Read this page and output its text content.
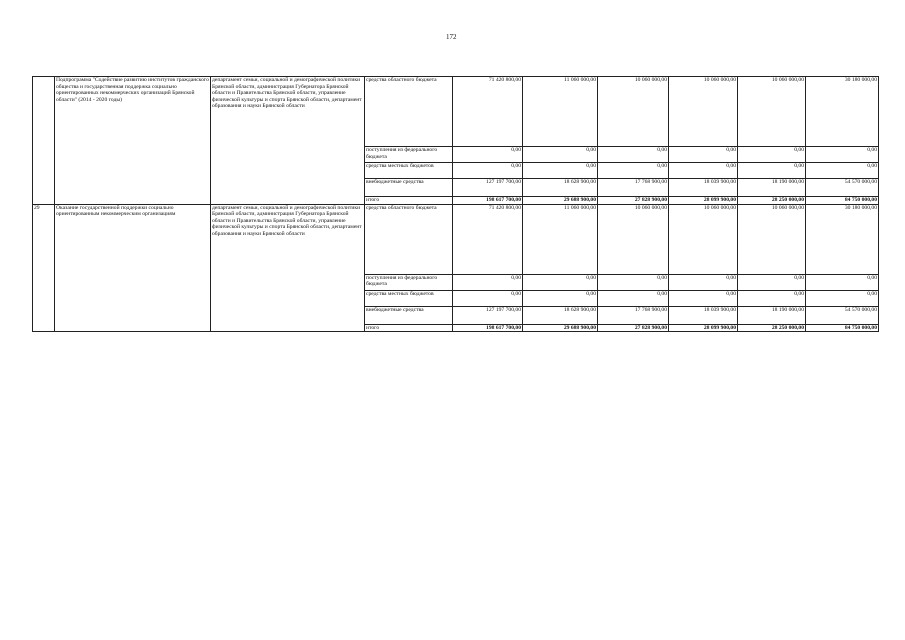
172
	Подпрограмма "Содействие развитию институтов гражданского общества и государственная поддержка социально ориентированных некоммерческих организаций Брянской области" (2014 - 2020 годы)	департамент семьи, социальной и демографической политики Брянской области, администрация Губернатора Брянской области и Правительства Брянской области, управление физической культуры и спорта Брянской области, департамент образования и науки Брянской области	средства областного бюджета	71 420 800,00	11 060 000,00	10 060 000,00	10 060 000,00	10 060 000,00	30 180 000,00
			поступления из федерального бюджета	0,00	0,00	0,00	0,00	0,00	0,00
			средства местных бюджетов	0,00	0,00	0,00	0,00	0,00	0,00
			внебюджетные средства	127 197 700,00	18 628 900,00	17 768 900,00	18 039 900,00	18 190 000,00	54 570 000,00
			итого	198 617 700,00	29 688 900,00	27 828 900,00	28 099 900,00	28 250 000,00	84 750 000,00
29	Оказание государственной поддержки социально ориентированным некоммерческим организациям	департамент семьи, социальной и демографической политики Брянской области, администрация Губернатора Брянской области и Правительства Брянской области, управление физической культуры и спорта Брянской области, департамент образования и науки Брянской области	средства областного бюджета	71 420 800,00	11 060 000,00	10 060 000,00	10 060 000,00	10 060 000,00	30 180 000,00
			поступления из федерального бюджета	0,00	0,00	0,00	0,00	0,00	0,00
			средства местных бюджетов	0,00	0,00	0,00	0,00	0,00	0,00
			внебюджетные средства	127 197 700,00	18 628 900,00	17 768 900,00	18 039 900,00	18 190 000,00	54 570 000,00
			итого	198 617 700,00	29 688 900,00	27 828 900,00	28 099 900,00	28 250 000,00	84 750 000,00
